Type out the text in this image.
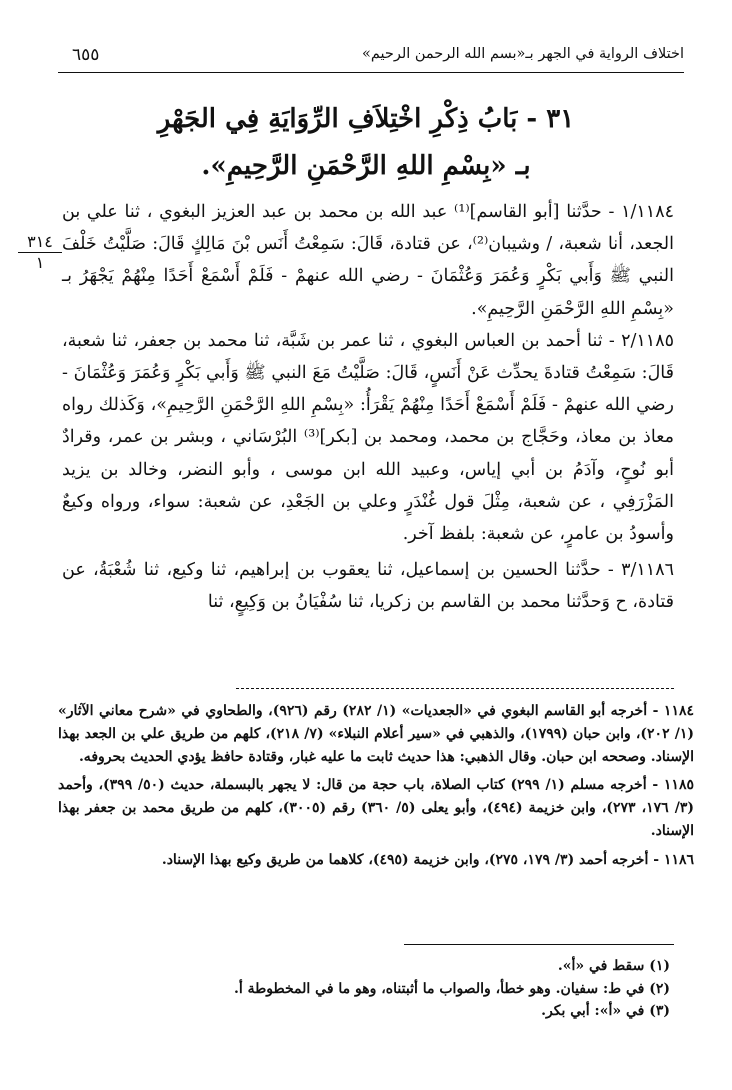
اختلاف الرواية في الجهر بـ«بسم الله الرحمن الرحيم»
٦٥٥
٣١ - بَابُ ذِكْرِ اخْتِلاَفِ الرِّوَايَةِ فِي الجَهْرِ
بـ «بِسْمِ اللهِ الرَّحْمَنِ الرَّحِيمِ».
٣١٤
١
١/١١٨٤ - حدَّثنا [أبو القاسم]⁽¹⁾ عبد الله بن محمد بن عبد العزيز البغوي ، ثنا علي بن الجعد، أنا شعبة، / وشيبان⁽²⁾، عن قتادة، قَالَ: سَمِعْتُ أَنَس بْنَ مَالِكٍ قَالَ: صَلَّيْتُ خَلْفَ النبي ﷺ وَأَبي بَكْرٍ وَعُمَرَ وَعُثْمَانَ - رضي الله عنهمْ - فَلَمْ أَسْمَعْ أَحَدًا مِنْهُمْ يَجْهَرُ بـ «بِسْمِ اللهِ الرَّحْمَنِ الرَّحِيمِ».
٢/١١٨٥ - ثنا أحمد بن العباس البغوي ، ثنا عمر بن شَبَّة، ثنا محمد بن جعفر، ثنا شعبة، قَالَ: سَمِعْتُ قتادةَ يحدِّث عَنْ أَنَسٍ، قَالَ: صَلَّيْتُ مَعَ النبي ﷺ وَأَبي بَكْرٍ وَعُمَرَ وَعُثْمَانَ - رضي الله عنهمْ - فَلَمْ أَسْمَعْ أَحَدًا مِنْهُمْ يَقْرَأُ: «بِسْمِ اللهِ الرَّحْمَنِ الرَّحِيمِ»، وَكَذلك رواه معاذ بن معاذ، وحَجَّاج بن محمد، ومحمد بن [بكر]⁽³⁾ البُرْسَاني ، وبشر بن عمر، وقرادٌ أبو نُوحٍ، وآدَمُ بن أبي إياس، وعبيد الله ابن موسى ، وأبو النضر، وخالد بن يزيد المَزْرَفِي ، عن شعبة، مِثْلَ قول غُنْدَرٍ وعلي بن الجَعْدِ، عن شعبة: سواء، ورواه وكيعٌ وأسودُ بن عامرٍ، عن شعبة: بلفظ آخر.
٣/١١٨٦ - حدَّثنا الحسين بن إسماعيل، ثنا يعقوب بن إبراهيم، ثنا وكيع، ثنا شُعْبَةُ، عن قتادة، ح وَحدَّثنا محمد بن القاسم بن زكريا، ثنا سُفْيَانُ بن وَكِيعٍ، ثنا

١١٨٤ - أخرجه أبو القاسم البغوي في «الجعديات» (١/ ٢٨٢) رقم (٩٢٦)، والطحاوي في «شرح معاني الآثار» (١/ ٢٠٢)، وابن حبان (١٧٩٩)، والذهبي في «سير أعلام النبلاء» (٧/ ٢١٨)، كلهم من طريق علي بن الجعد بهذا الإسناد. وصححه ابن حبان. وقال الذهبي: هذا حديث ثابت ما عليه غبار، وقتادة حافظ يؤدي الحديث بحروفه.

١١٨٥ - أخرجه مسلم (١/ ٢٩٩) كتاب الصلاة، باب حجة من قال: لا يجهر بالبسملة، حديث (٥٠/ ٣٩٩)، وأحمد (٣/ ١٧٦، ٢٧٣)، وابن خزيمة (٤٩٤)، وأبو يعلى (٥/ ٣٦٠) رقم (٣٠٠٥)، كلهم من طريق محمد بن جعفر بهذا الإسناد.

١١٨٦ - أخرجه أحمد (٣/ ١٧٩، ٢٧٥)، وابن خزيمة (٤٩٥)، كلاهما من طريق وكيع بهذا الإسناد.

(١) سقط في «أ».

(٢) في ط: سفيان. وهو خطأ، والصواب ما أثبتناه، وهو ما في المخطوطة أ.

(٣) في «أ»: أبي بكر.
